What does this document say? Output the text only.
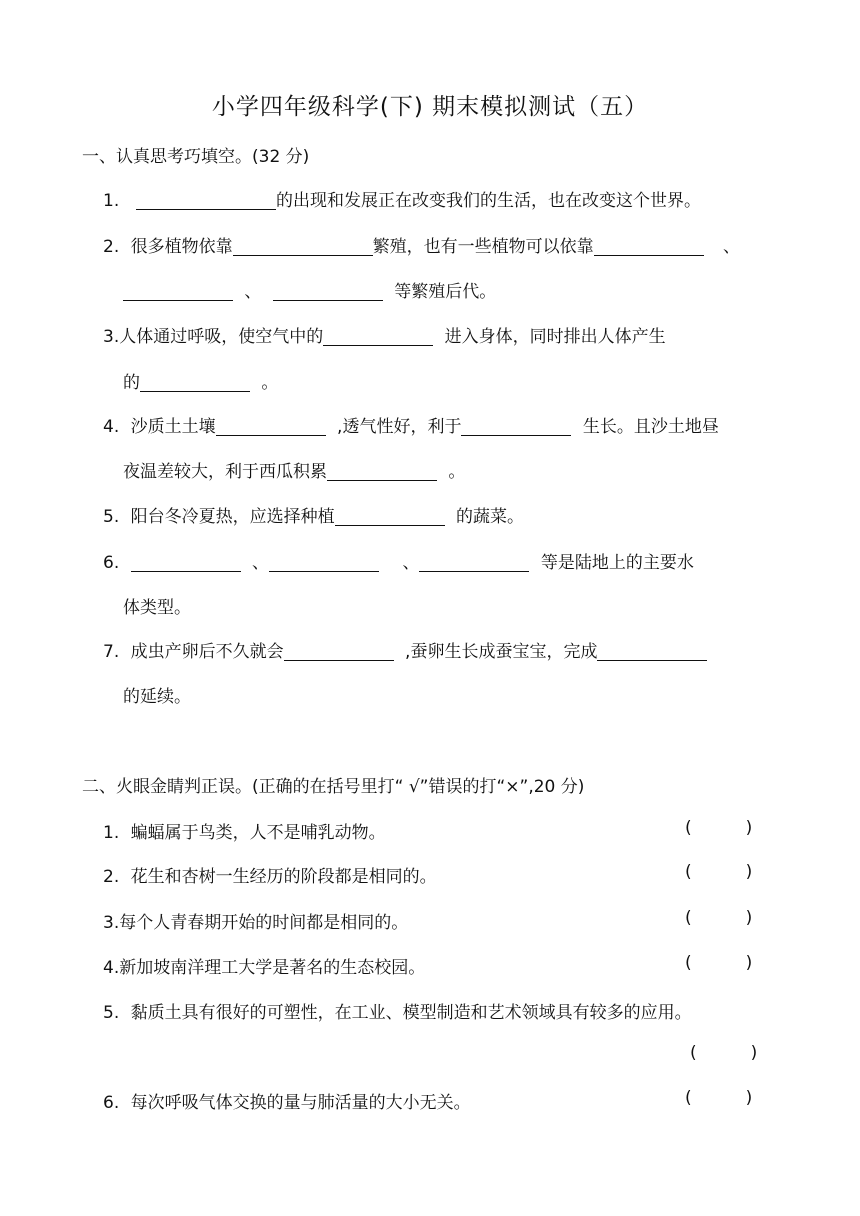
小学四年级科学(下) 期末模拟测试（五）
一、认真思考巧填空。(32 分)
1.	的出现和发展正在改变我们的生活，也在改变这个世界。
2. 很多植物依靠	繁殖，也有一些植物可以依靠	、
、	等繁殖后代。
3.人体通过呼吸，使空气中的	进入身体，同时排出人体产生
的	。
4. 沙质土土壤	,透气性好，利于	生长。且沙土地昼
夜温差较大，利于西瓜积累	。
5. 阳台冬冷夏热，应选择种植	的蔬菜。
6.	、	、	等是陆地上的主要水
体类型。
7. 成虫产卵后不久就会	,蚕卵生长成蚕宝宝，完成
的延续。
二、火眼金睛判正误。(正确的在括号里打“ √”错误的打“×”,20 分)
1. 蝙蝠属于鸟类，人不是哺乳动物。	(          )
2. 花生和杏树一生经历的阶段都是相同的。	(          )
3.每个人青春期开始的时间都是相同的。	(          )
4.新加坡南洋理工大学是著名的生态校园。	(          )
5. 黏质土具有很好的可塑性，在工业、模型制造和艺术领域具有较多的应用。
(          )
6. 每次呼吸气体交换的量与肺活量的大小无关。	(          )
